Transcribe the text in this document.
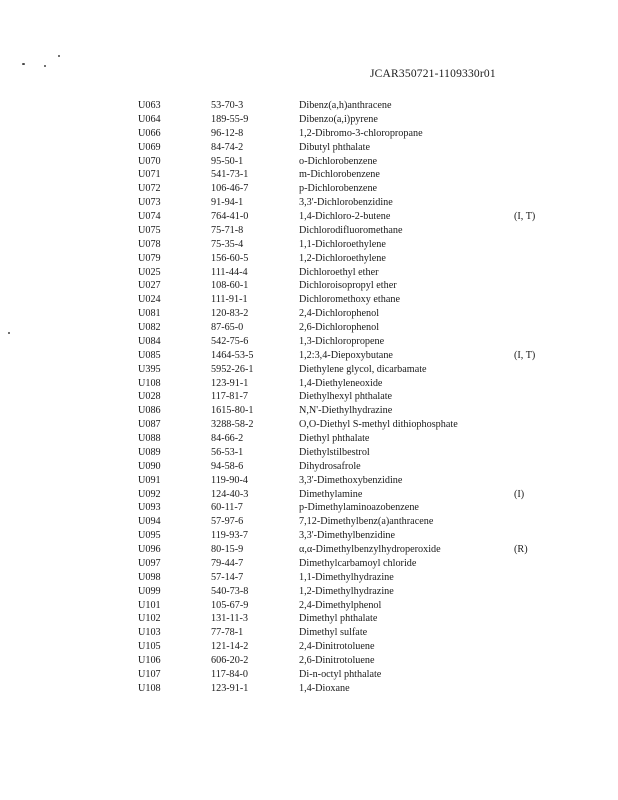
JCAR350721-1109330r01
U063	53-70-3	Dibenz(a,h)anthracene	
U064	189-55-9	Dibenzo(a,i)pyrene	
U066	96-12-8	1,2-Dibromo-3-chloropropane	
U069	84-74-2	Dibutyl phthalate	
U070	95-50-1	o-Dichlorobenzene	
U071	541-73-1	m-Dichlorobenzene	
U072	106-46-7	p-Dichlorobenzene	
U073	91-94-1	3,3'-Dichlorobenzidine	
U074	764-41-0	1,4-Dichloro-2-butene	(I, T)
U075	75-71-8	Dichlorodifluoromethane	
U078	75-35-4	1,1-Dichloroethylene	
U079	156-60-5	1,2-Dichloroethylene	
U025	111-44-4	Dichloroethyl ether	
U027	108-60-1	Dichloroisopropyl ether	
U024	111-91-1	Dichloromethoxy ethane	
U081	120-83-2	2,4-Dichlorophenol	
U082	87-65-0	2,6-Dichlorophenol	
U084	542-75-6	1,3-Dichloropropene	
U085	1464-53-5	1,2:3,4-Diepoxybutane	(I, T)
U395	5952-26-1	Diethylene glycol, dicarbamate	
U108	123-91-1	1,4-Diethyleneoxide	
U028	117-81-7	Diethylhexyl phthalate	
U086	1615-80-1	N,N'-Diethylhydrazine	
U087	3288-58-2	O,O-Diethyl S-methyl dithiophosphate	
U088	84-66-2	Diethyl phthalate	
U089	56-53-1	Diethylstilbestrol	
U090	94-58-6	Dihydrosafrole	
U091	119-90-4	3,3'-Dimethoxybenzidine	
U092	124-40-3	Dimethylamine	(I)
U093	60-11-7	p-Dimethylaminoazobenzene	
U094	57-97-6	7,12-Dimethylbenz(a)anthracene	
U095	119-93-7	3,3'-Dimethylbenzidine	
U096	80-15-9	α,α-Dimethylbenzylhydroperoxide	(R)
U097	79-44-7	Dimethylcarbamoyl chloride	
U098	57-14-7	1,1-Dimethylhydrazine	
U099	540-73-8	1,2-Dimethylhydrazine	
U101	105-67-9	2,4-Dimethylphenol	
U102	131-11-3	Dimethyl phthalate	
U103	77-78-1	Dimethyl sulfate	
U105	121-14-2	2,4-Dinitrotoluene	
U106	606-20-2	2,6-Dinitrotoluene	
U107	117-84-0	Di-n-octyl phthalate	
U108	123-91-1	1,4-Dioxane	
